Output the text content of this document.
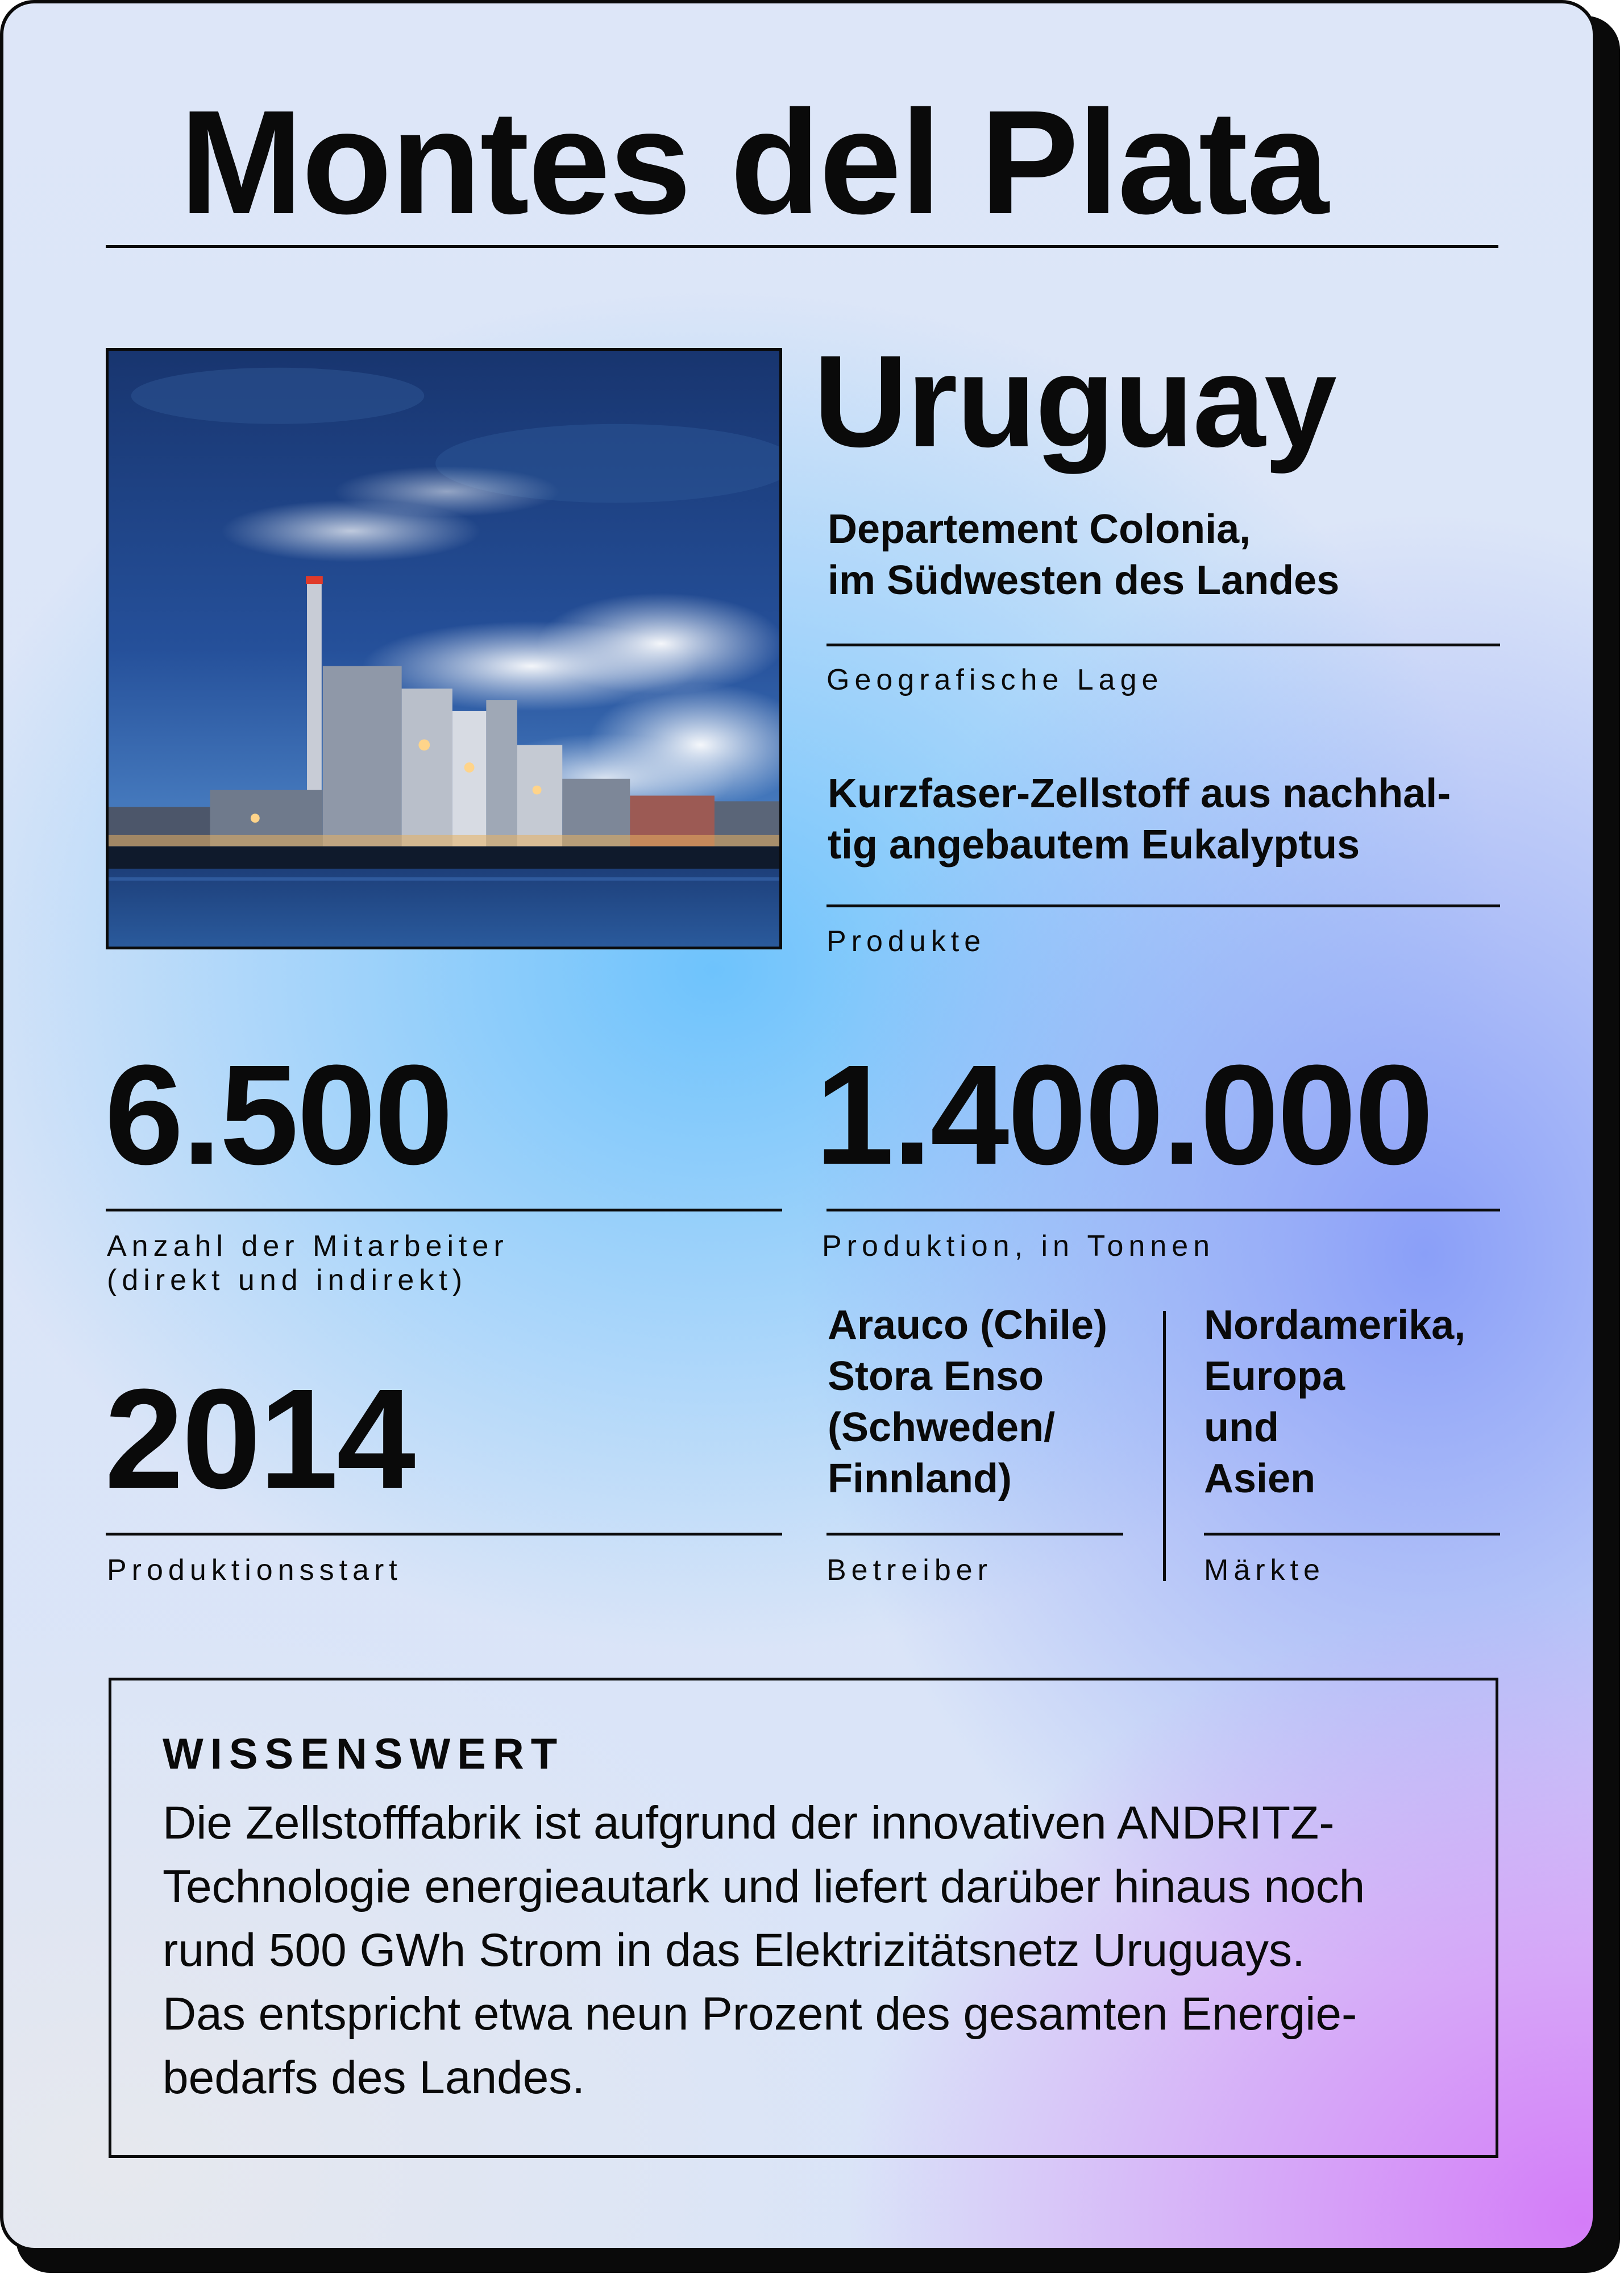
Montes del Plata
Uruguay
Departement Colonia,
im Südwesten des Landes
Geografische Lage
Kurzfaser-Zellstoff aus nachhal-
tig angebautem Eukalyptus
Produkte
6.500
Anzahl der Mitarbeiter
(direkt und indirekt)
1.400.000
Produktion, in Tonnen
2014
Produktionsstart
Arauco (Chile)
Stora Enso
(Schweden/
Finnland)
Betreiber
Nordamerika,
Europa
und
Asien
Märkte
WISSENSWERT
Die Zellstofffabrik ist aufgrund der innovativen ANDRITZ-
Technologie energieautark und liefert darüber hinaus noch
rund 500 GWh Strom in das Elektrizitätsnetz Uruguays.
Das entspricht etwa neun Prozent des gesamten Energie-
bedarfs des Landes.
